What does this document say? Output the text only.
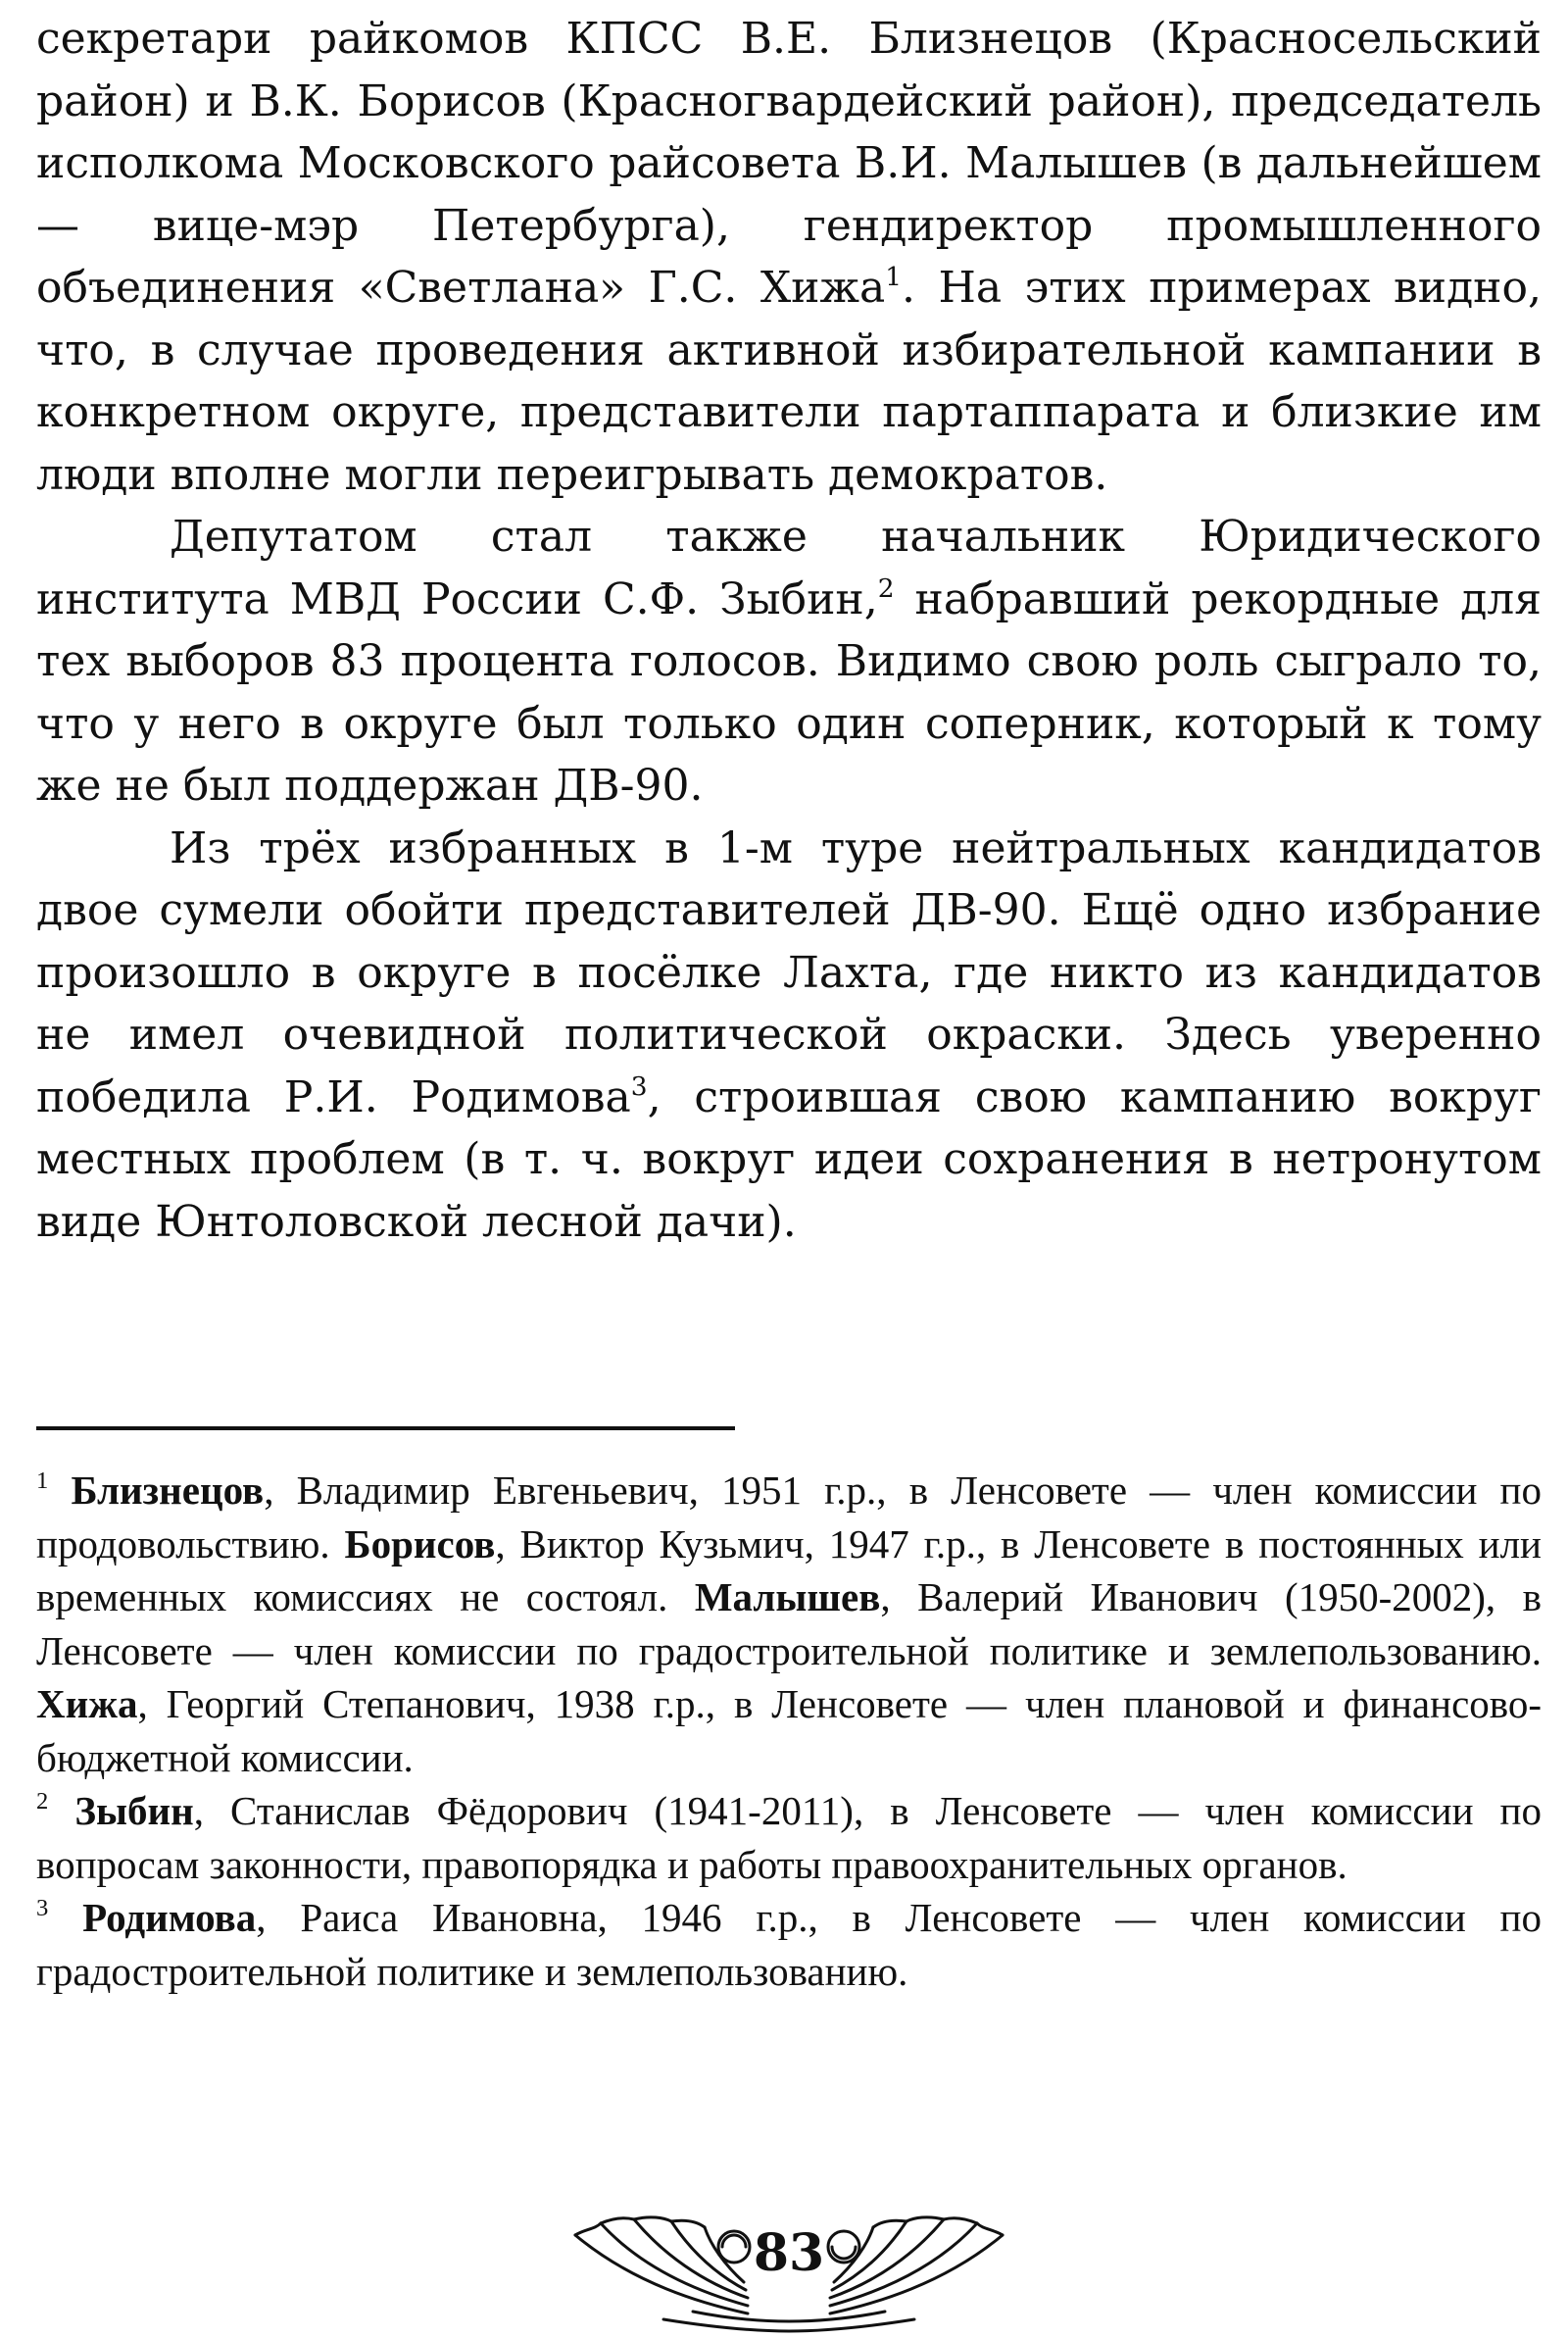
секретари райкомов КПСС В.Е. Близнецов (Красносельский район) и В.К. Борисов (Красногвардейский район), председатель исполкома Московского райсовета В.И. Малышев (в дальнейшем — вице-мэр Петербурга), гендиректор промышленного объединения «Светлана» Г.С. Хижа$^1$. На этих примерах видно, что, в случае проведения активной избирательной кампании в конкретном округе, представители партаппарата и близкие им люди вполне могли переигрывать демократов.

Депутатом стал также начальник Юридического института МВД России С.Ф. Зыбин,$^2$ набравший рекордные для тех выборов 83 процента голосов. Видимо свою роль сыграло то, что у него в округе был только один соперник, который к тому же не был поддержан ДВ-90.

Из трёх избранных в 1-м туре нейтральных кандидатов двое сумели обойти представителей ДВ-90. Ещё одно избрание произошло в округе в посёлке Лахта, где никто из кандидатов не имел очевидной политической окраски. Здесь уверенно победила Р.И. Родимова$^3$, строившая свою кампанию вокруг местных проблем (в т. ч. вокруг идеи сохранения в нетронутом виде Юнтоловской лесной дачи).

$^1$ Близнецов, Владимир Евгеньевич, 1951 г.р., в Ленсовете — член комиссии по продовольствию. Борисов, Виктор Кузьмич, 1947 г.р., в Ленсовете в постоянных или временных комиссиях не состоял. Малышев, Валерий Иванович (1950-2002), в Ленсовете — член комиссии по градостроительной политике и землепользованию. Хижа, Георгий Степанович, 1938 г.р., в Ленсовете — член плановой и финансово-бюджетной комиссии.

$^2$ Зыбин, Станислав Фёдорович (1941-2011), в Ленсовете — член комиссии по вопросам законности, правопорядка и работы правоохранительных органов.

$^3$ Родимова, Раиса Ивановна, 1946 г.р., в Ленсовете — член комиссии по градостроительной политике и землепользованию.

83
